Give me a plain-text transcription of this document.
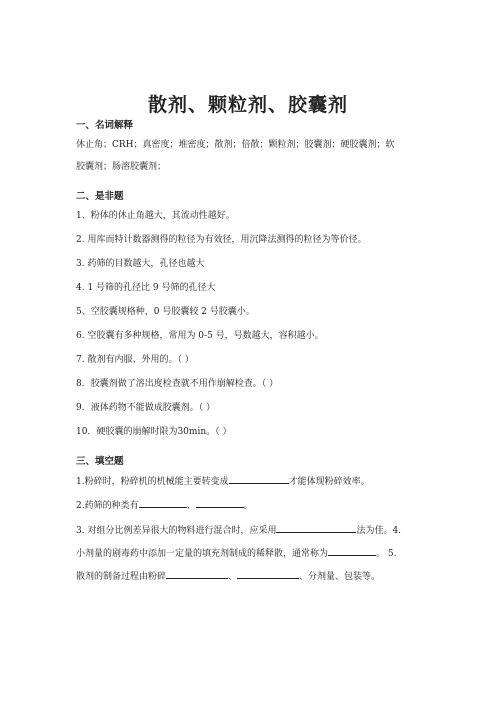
散剂、颗粒剂、胶囊剂
一、名词解释
休止角；CRH；真密度；堆密度；散剂；倍散；颗粒剂；胶囊剂；硬胶囊剂；软
胶囊剂；肠溶胶囊剂；
二、是非题
1、粉体的休止角越大，其流动性越好。
2. 用库而特计数器测得的粒径为有效径，用沉降法测得的粒径为等价径。
3. 药筛的目数越大，孔径也越大
4. 1 号筛的孔径比 9 号筛的孔径大
5、空胶囊规格种，0 号胶囊较 2 号胶囊小。
6. 空胶囊有多种规格，常用为 0-5 号，号数越大，容积越小。
7. 散剂有内服、外用的。（ ）
8．胶囊剂做了溶出度检查就不用作崩解检查。（ ）
9．液体药物不能做成胶囊剂。（ ）
10．硬胶囊的崩解时限为30min。（ ）
三、填空题
1.粉碎时，粉碎机的机械能主要转变成	才能体现粉碎效率。
2.药筛的种类有	、	。
3. 对组分比例差异很大的物料进行混合时，应采用	法为佳。4.
小剂量的剧毒药中添加一定量的填充剂制成的稀释散，通常称为	。 5.
散剂的制备过程由粉碎	、	、分剂量、包装等。
